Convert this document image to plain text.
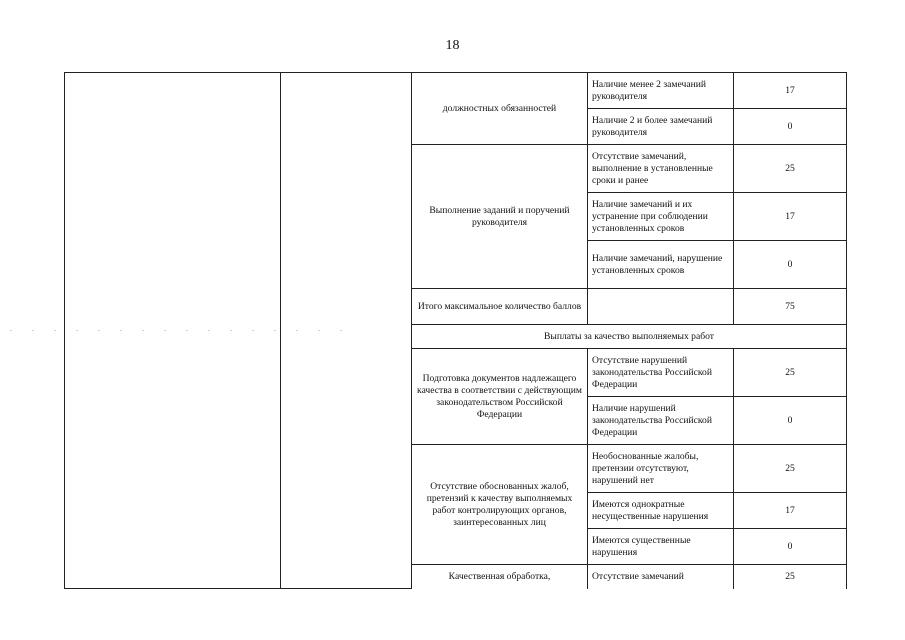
18
		должностных обязанностей	Наличие менее 2 замечаний руководителя	17
			Наличие 2 и более замечаний руководителя	0
		Выполнение заданий и поручений руководителя	Отсутствие замечаний, выполнение в установленные сроки и ранее	25
			Наличие замечаний и их устранение при соблюдении установленных сроков	17
			Наличие замечаний, нарушение установленных сроков	0
		Итого максимальное количество баллов		75
		Выплаты за качество выполняемых работ		
		Подготовка документов надлежащего качества в соответствии с действующим законодательством Российской Федерации	Отсутствие нарушений законодательства Российской Федерации	25
			Наличие нарушений законодательства Российской Федерации	0
		Отсутствие обоснованных жалоб, претензий к качеству выполняемых работ контролирующих органов, заинтересованных лиц	Необоснованные жалобы, претензии отсутствуют, нарушений нет	25
			Имеются однократные несущественные нарушения	17
			Имеются существенные нарушения	0
		Качественная обработка,	Отсутствие замечаний	25
